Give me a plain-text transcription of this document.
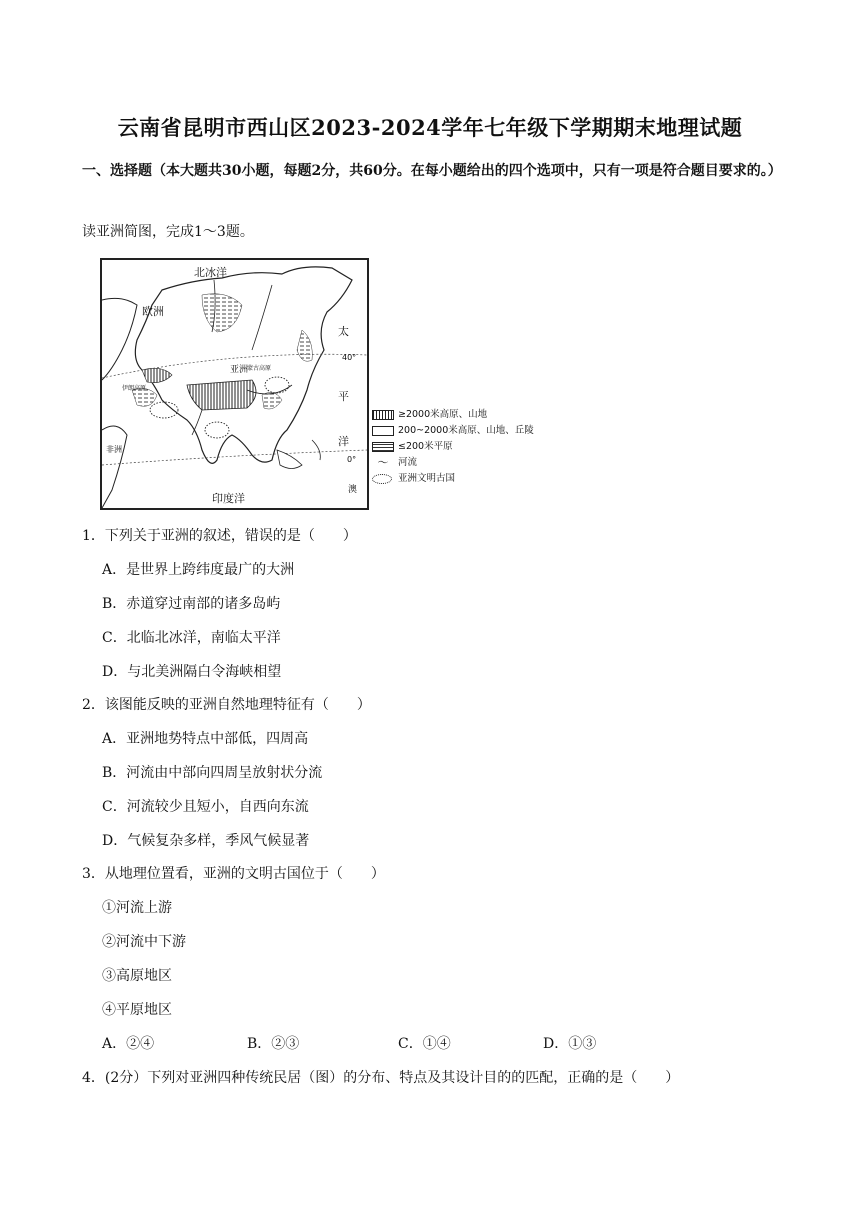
云南省昆明市西山区2023-2024学年七年级下学期期末地理试题
一、选择题（本大题共30小题，每题2分，共60分。在每小题给出的四个选项中，只有一项是符合题目要求的。）
读亚洲简图，完成1～3题。
北冰洋
欧洲
亚洲
蒙古高原
伊朗高原
非洲
印度洋
太
平
洋
40°
0°
澳
≥2000米高原、山地
200~2000米高原、山地、丘陵
≤200米平原
〜	河流
亚洲文明古国
1．下列关于亚洲的叙述，错误的是（　　）
A．是世界上跨纬度最广的大洲
B．赤道穿过南部的诸多岛屿
C．北临北冰洋，南临太平洋
D．与北美洲隔白令海峡相望
2．该图能反映的亚洲自然地理特征有（　　）
A．亚洲地势特点中部低，四周高
B．河流由中部向四周呈放射状分流
C．河流较少且短小，自西向东流
D．气候复杂多样，季风气候显著
3．从地理位置看，亚洲的文明古国位于（　　）
①河流上游
②河流中下游
③高原地区
④平原地区
A．②④	B．②③	C．①④	D．①③
4．(2分）下列对亚洲四种传统民居（图）的分布、特点及其设计目的的匹配，正确的是（　　）
